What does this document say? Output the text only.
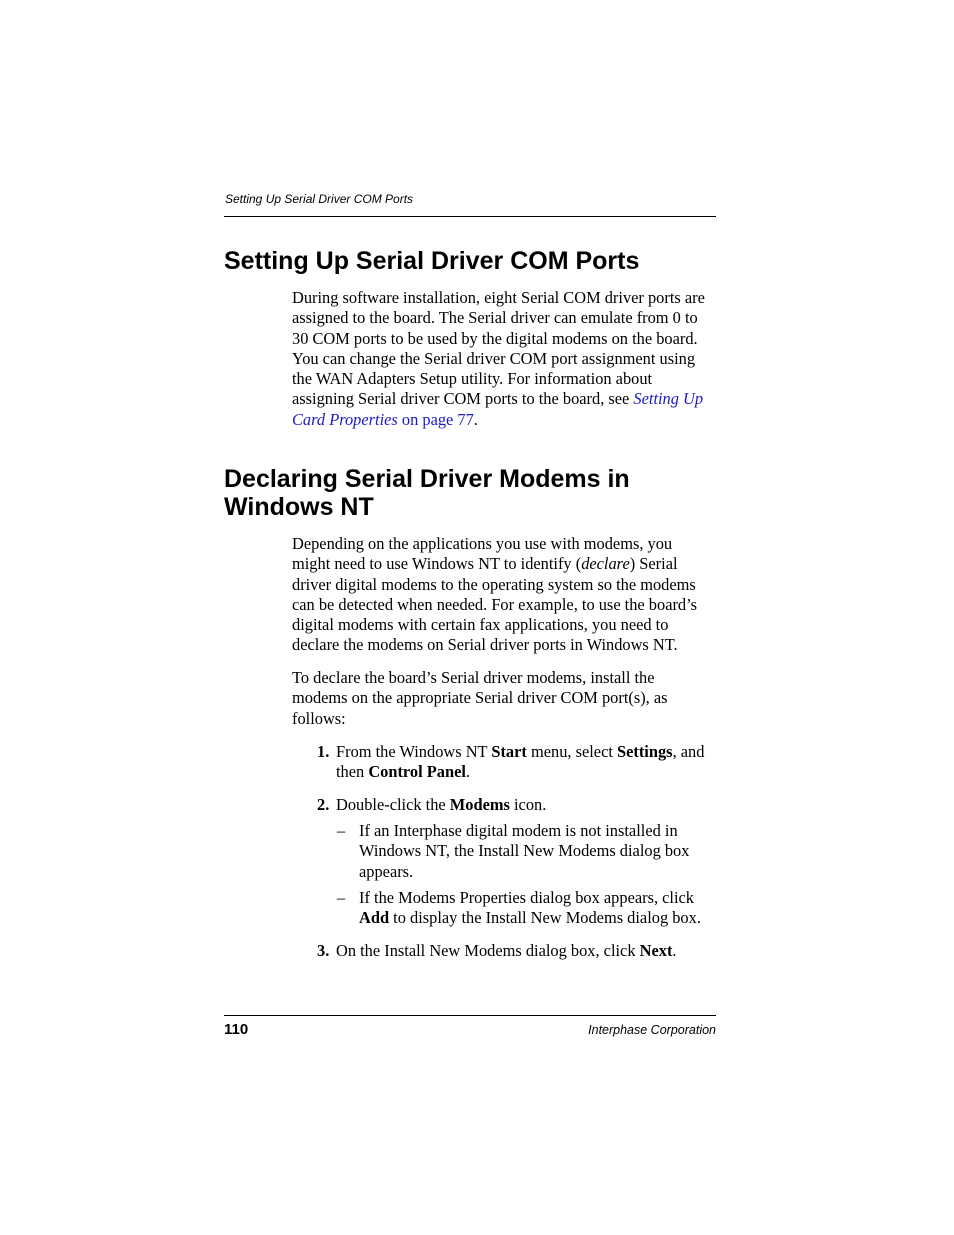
Setting Up Serial Driver COM Ports
Setting Up Serial Driver COM Ports
During software installation, eight Serial COM driver ports are
assigned to the board. The Serial driver can emulate from 0 to
30 COM ports to be used by the digital modems on the board.
You can change the Serial driver COM port assignment using
the WAN Adapters Setup utility. For information about
assigning Serial driver COM ports to the board, see Setting Up
Card Properties on page 77.
Declaring Serial Driver Modems in
Windows NT
Depending on the applications you use with modems, you
might need to use Windows NT to identify (declare) Serial
driver digital modems to the operating system so the modems
can be detected when needed. For example, to use the board’s
digital modems with certain fax applications, you need to
declare the modems on Serial driver ports in Windows NT.
To declare the board’s Serial driver modems, install the
modems on the appropriate Serial driver COM port(s), as
follows:
1. From the Windows NT Start menu, select Settings, and
then Control Panel.
2. Double-click the Modems icon.
– If an Interphase digital modem is not installed in
Windows NT, the Install New Modems dialog box
appears.
– If the Modems Properties dialog box appears, click
Add to display the Install New Modems dialog box.
3. On the Install New Modems dialog box, click Next.
110	Interphase Corporation
